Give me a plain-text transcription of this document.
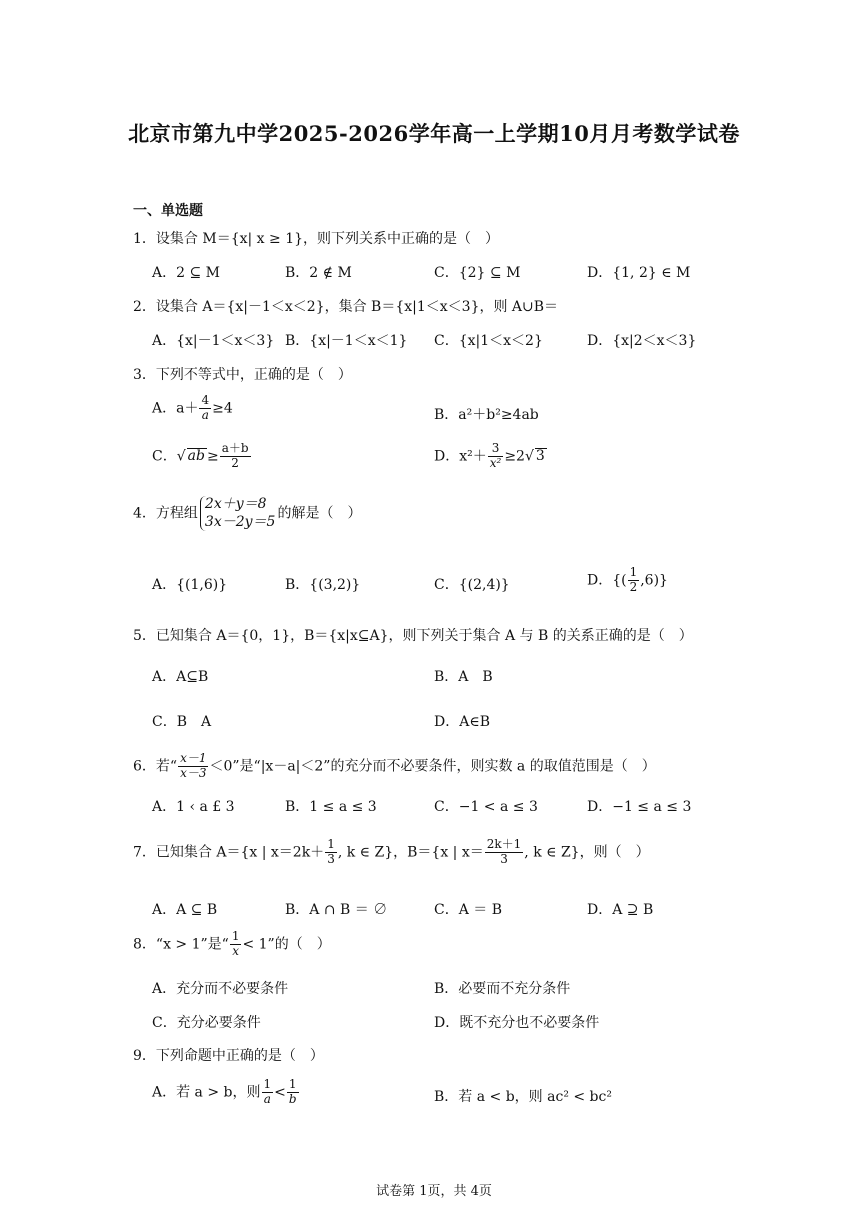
北京市第九中学2025-2026学年高一上学期10月月考数学试卷
一、单选题
1．设集合 M＝{x| x ≥ 1}，则下列关系中正确的是（　）
A．2 ⊆ M	B．2 ∉ M	C．{2} ⊆ M	D．{1, 2} ∈ M
2．设集合 A＝{x|－1＜x＜2}，集合 B＝{x|1＜x＜3}，则 A∪B＝
A．{x|－1＜x＜3} B．{x|－1＜x＜1} C．{x|1＜x＜2}	D．{x|2＜x＜3}
3．下列不等式中，正确的是（　）
A．$a+ \frac{4}{a} \ge 4$	B．a²＋b²≥4ab
C．√ ab ≥ $\frac{a+b}{2}$	D．$x^2+ \frac{3}{\text{x²}} \ge 2√$ 3
4．方程组
2x＋y＝8
3x－2y＝5 的解是（　）
A．{(1,6)}	B．{(3,2)}	C．{(2,4)}	D．{( $\frac{1}{2} ,6$)}
5．已知集合 A＝{0，1}，B＝{x|x⊆A}，则下列关于集合 A 与 B 的关系正确的是（　）
A．A⊆B	B．A　B
C．B　A	D．A∈B
6．若“ $\frac{x-1}{x-3} <0$”是“|x－a|＜2”的充分而不必要条件，则实数 a 的取值范围是（　）
A．1 ‹ a £ 3	B．1 ≤ a ≤ 3	C．−1 < a ≤ 3	D．−1 ≤ a ≤ 3
7．已知集合 A＝{x | $x=2k+ \frac{1}{3}$ , k ∈ Z}，B＝{x | $x= \frac{2k+1}{3}$ , k ∈ Z}，则（　）
A．A ⊆ B	B．A ∩ B ＝ ∅	C．A ＝ B	D．A ⊇ B
8．“x > 1”是“ $\frac{1}{x} < 1$”的（　）
A．充分而不必要条件	B．必要而不充分条件
C．充分必要条件	D．既不充分也不必要条件
9．下列命题中正确的是（　）
A．若 a > b，则 $\frac{1}{a} < \frac{1}{b}$	B．若 a < b，则 ac² < bc²
试卷第 1页，共 4页
